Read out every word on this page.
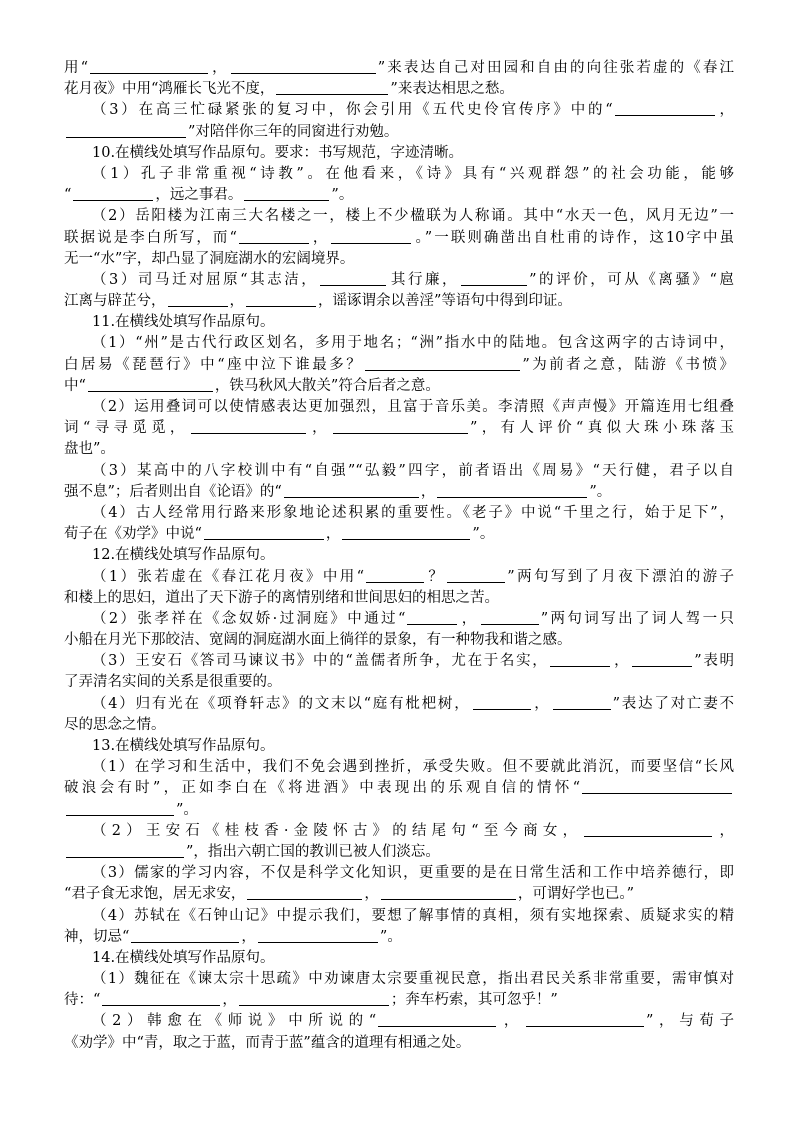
用“	，	”来表达自己对田园和自由的向往张若虚的《春江
花月夜》中用“鸿雁长飞光不度，	”来表达相思之愁。
（3）在高三忙碌紧张的复习中，你会引用《五代史伶官传序》中的“	，
”对陪伴你三年的同窗进行劝勉。
10.在横线处填写作品原句。要求：书写规范，字迹清晰。
（1）孔子非常重视“诗教”。在他看来，《诗》具有“兴观群怨”的社会功能，能够
“	，远之事君。	”。
（2）岳阳楼为江南三大名楼之一，楼上不少楹联为人称诵。其中“水天一色，风月无边”一
联据说是李白所写，而“	，	。”一联则确凿出自杜甫的诗作，这10字中虽
无一“水”字，却凸显了洞庭湖水的宏阔境界。
（3）司马迁对屈原“其志洁，	其行廉，	”的评价，可从《离骚》“扈
江离与辟芷兮，	，	，谣诼谓余以善淫”等语句中得到印证。
11.在横线处填写作品原句。
（1）“州”是古代行政区划名，多用于地名；“洲”指水中的陆地。包含这两字的古诗词中，
白居易《琵琶行》中“座中泣下谁最多？	”为前者之意，陆游《书愤》
中“	，铁马秋风大散关”符合后者之意。
（2）运用叠词可以使情感表达更加强烈，且富于音乐美。李清照《声声慢》开篇连用七组叠
词“寻寻觅觅，	，	”，有人评价“真似大珠小珠落玉
盘也”。
（3）某高中的八字校训中有“自强”“弘毅”四字，前者语出《周易》“天行健，君子以自
强不息”；后者则出自《论语》的“	，	”。
（4）古人经常用行路来形象地论述积累的重要性。《老子》中说“千里之行，始于足下”，
荀子在《劝学》中说“	，	”。
12.在横线处填写作品原句。
（1）张若虚在《春江花月夜》中用“	？	”两句写到了月夜下漂泊的游子
和楼上的思妇，道出了天下游子的离情别绪和世间思妇的相思之苦。
（2）张孝祥在《念奴娇·过洞庭》中通过“	，	”两句词写出了词人驾一只
小船在月光下那皎洁、宽阔的洞庭湖水面上徜徉的景象，有一种物我和谐之感。
（3）王安石《答司马谏议书》中的“盖儒者所争，尤在于名实，	，	”表明
了弄清名实间的关系是很重要的。
（4）归有光在《项脊轩志》的文末以“庭有枇杷树，	，	”表达了对亡妻不
尽的思念之情。
13.在横线处填写作品原句。
（1）在学习和生活中，我们不免会遇到挫折，承受失败。但不要就此消沉，而要坚信“长风
破浪会有时”，正如李白在《将进酒》中表现出的乐观自信的情怀“
”。
（2）王安石《桂枝香·金陵怀古》的结尾句“至今商女，	，
”，指出六朝亡国的教训已被人们淡忘。
（3）儒家的学习内容，不仅是科学文化知识，更重要的是在日常生活和工作中培养德行，即
“君子食无求饱，居无求安，	，	，可谓好学也已。”
（4）苏轼在《石钟山记》中提示我们，要想了解事情的真相，须有实地探索、质疑求实的精
神，切忌“	，	”。
14.在横线处填写作品原句。
（1）魏征在《谏太宗十思疏》中劝谏唐太宗要重视民意，指出君民关系非常重要，需审慎对
待：“	，	；奔车朽索，其可忽乎！”
（2）韩愈在《师说》中所说的“	，	”，与荀子
《劝学》中“青，取之于蓝，而青于蓝”蕴含的道理有相通之处。
